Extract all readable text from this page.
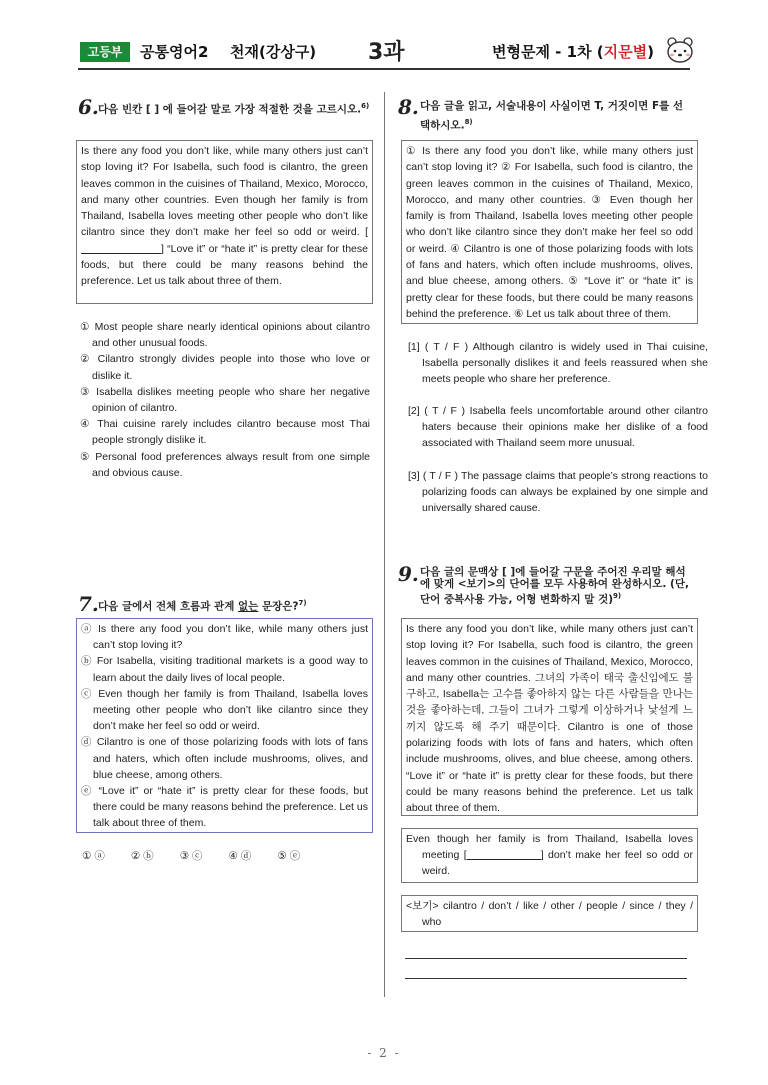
고등부	공통영어2 천재(강상구) 3과	변형문제 - 1차 (지문별)
6. 다음 빈칸 [ ] 에 들어갈 말로 가장 적절한 것을 고르시오.$^{6)}$
Is there any food you don’t like, while many others just can’t stop loving it? For Isabella, such food is cilantro, the green leaves common in the cuisines of Thailand, Mexico, Morocco, and many other countries. Even though her family is from Thailand, Isabella loves meeting other people who don’t like cilantro since they don’t make her feel so odd or weird. [] “Love it” or “hate it” is pretty clear for these foods, but there could be many reasons behind the preference. Let us talk about three of them.
① Most people share nearly identical opinions about cilantro and other unusual foods.
② Cilantro strongly divides people into those who love or dislike it.
③ Isabella dislikes meeting people who share her negative opinion of cilantro.
④ Thai cuisine rarely includes cilantro because most Thai people strongly dislike it.
⑤ Personal food preferences always result from one simple and obvious cause.
7. 다음 글에서 전체 흐름과 관계 없는 문장은?$^{7)}$
ⓐ Is there any food you don’t like, while many others just can’t stop loving it?
ⓑ For Isabella, visiting traditional markets is a good way to learn about the daily lives of local people.
ⓒ Even though her family is from Thailand, Isabella loves meeting other people who don’t like cilantro since they don’t make her feel so odd or weird.
ⓓ Cilantro is one of those polarizing foods with lots of fans and haters, which often include mushrooms, olives, and blue cheese, among others.
ⓔ “Love it” or “hate it” is pretty clear for these foods, but there could be many reasons behind the preference. Let us talk about three of them.
① ⓐ ② ⓑ ③ ⓒ ④ ⓓ ⑤ ⓔ
8. 다음 글을 읽고, 서술내용이 사실이면 T, 거짓이면 F를 선택하시오.$^{8)}$
① Is there any food you don’t like, while many others just can’t stop loving it? ② For Isabella, such food is cilantro, the green leaves common in the cuisines of Thailand, Mexico, Morocco, and many other countries. ③ Even though her family is from Thailand, Isabella loves meeting other people who don’t like cilantro since they don’t make her feel so odd or weird. ④ Cilantro is one of those polarizing foods with lots of fans and haters, which often include mushrooms, olives, and blue cheese, among others. ⑤ “Love it” or “hate it” is pretty clear for these foods, but there could be many reasons behind the preference. ⑥ Let us talk about three of them.
[1] ( T / F ) Although cilantro is widely used in Thai cuisine, Isabella personally dislikes it and feels reassured when she meets people who share her preference.
[2] ( T / F ) Isabella feels uncomfortable around other cilantro haters because their opinions make her dislike of a food associated with Thailand seem more unusual.
[3] ( T / F ) The passage claims that people’s strong reactions to polarizing foods can always be explained by one simple and universally shared cause.
9. 다음 글의 문맥상 [ ]에 들어갈 구문을 주어진 우리말 해석에 맞게 <보기>의 단어를 모두 사용하여 완성하시오. (단, 단어 중복사용 가능, 어형 변화하지 말 것)$^{9)}$
Is there any food you don’t like, while many others just can’t stop loving it? For Isabella, such food is cilantro, the green leaves common in the cuisines of Thailand, Mexico, Morocco, and many other countries. 그녀의 가족이 태국 출신임에도 불구하고, Isabella는 고수를 좋아하지 않는 다른 사람들을 만나는 것을 좋아하는데, 그들이 그녀가 그렇게 이상하거나 낯설게 느끼지 않도록 해 주기 때문이다. Cilantro is one of those polarizing foods with lots of fans and haters, which often include mushrooms, olives, and blue cheese, among others. “Love it” or “hate it” is pretty clear for these foods, but there could be many reasons behind the preference. Let us talk about three of them.
Even though her family is from Thailand, Isabella loves meeting [	] don’t make her feel so odd or weird.
<보기> cilantro / don’t / like / other / people / since / they / who
- 2 -
